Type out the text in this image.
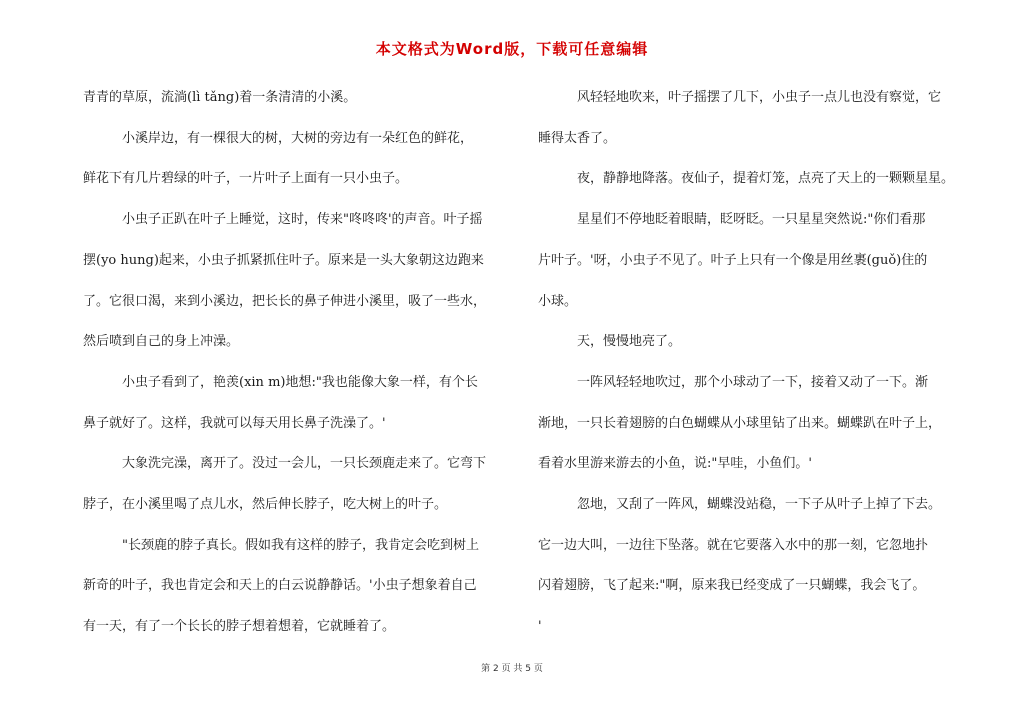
本文格式为Word版，下载可任意编辑

青青的草原，流淌(lì tǎng)着一条清清的小溪。

小溪岸边，有一棵很大的树，大树的旁边有一朵红色的鲜花，

鲜花下有几片碧绿的叶子，一片叶子上面有一只小虫子。

小虫子正趴在叶子上睡觉，这时，传来"咚咚咚'的声音。叶子摇

摆(yo hung)起来，小虫子抓紧抓住叶子。原来是一头大象朝这边跑来

了。它很口渴，来到小溪边，把长长的鼻子伸进小溪里，吸了一些水，

然后喷到自己的身上冲澡。

小虫子看到了，艳羡(xin m)地想:"我也能像大象一样，有个长

鼻子就好了。这样，我就可以每天用长鼻子洗澡了。'

大象洗完澡，离开了。没过一会儿，一只长颈鹿走来了。它弯下

脖子，在小溪里喝了点儿水，然后伸长脖子，吃大树上的叶子。

"长颈鹿的脖子真长。假如我有这样的脖子，我肯定会吃到树上

新奇的叶子，我也肯定会和天上的白云说静静话。'小虫子想象着自己

有一天，有了一个长长的脖子想着想着，它就睡着了。

风轻轻地吹来，叶子摇摆了几下，小虫子一点儿也没有察觉，它

睡得太香了。

夜，静静地降落。夜仙子，提着灯笼，点亮了天上的一颗颗星星。

星星们不停地眨着眼睛，眨呀眨。一只星星突然说:"你们看那

片叶子。'呀，小虫子不见了。叶子上只有一个像是用丝裹(guǒ)住的

小球。

天，慢慢地亮了。

一阵风轻轻地吹过，那个小球动了一下，接着又动了一下。渐

渐地，一只长着翅膀的白色蝴蝶从小球里钻了出来。蝴蝶趴在叶子上，

看着水里游来游去的小鱼，说:"早哇，小鱼们。'

忽地，又刮了一阵风，蝴蝶没站稳，一下子从叶子上掉了下去。

它一边大叫，一边往下坠落。就在它要落入水中的那一刻，它忽地扑

闪着翅膀，飞了起来:"啊，原来我已经变成了一只蝴蝶，我会飞了。

'

第 2 页 共 5 页
